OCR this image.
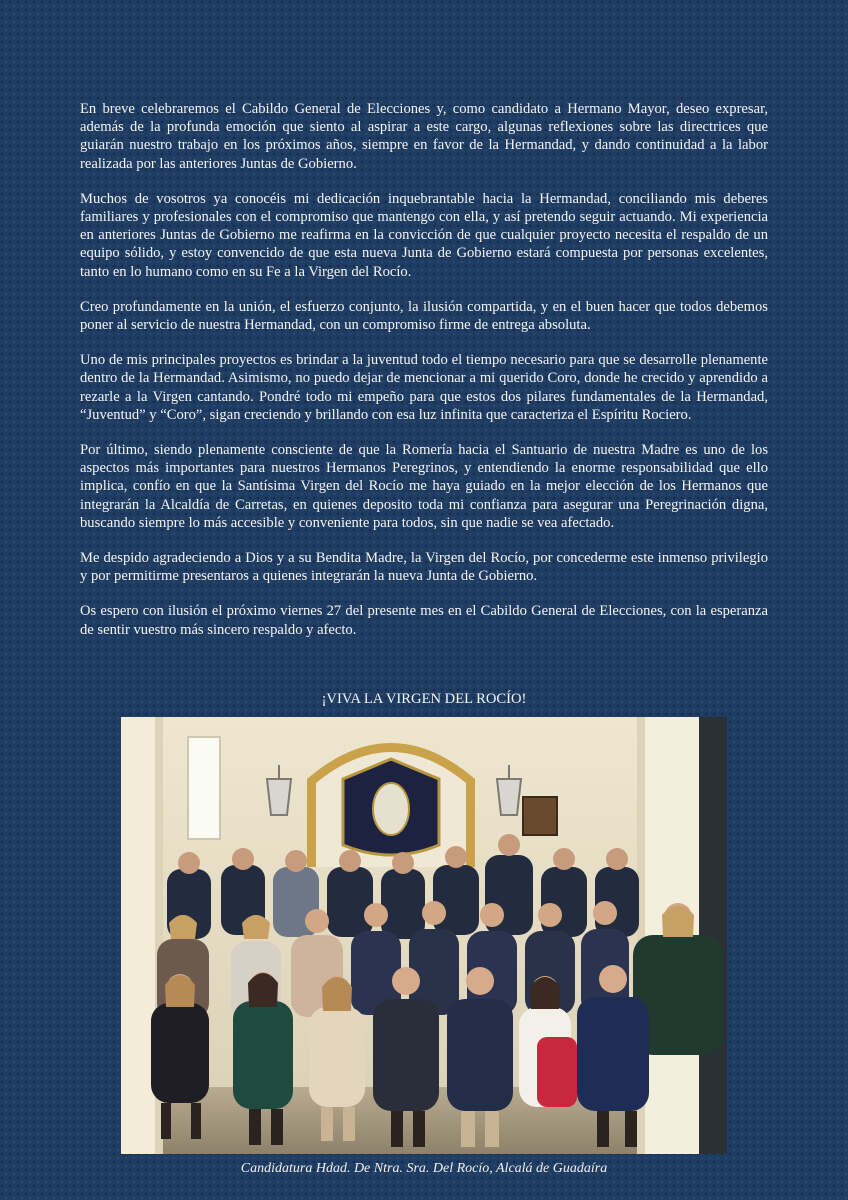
En breve celebraremos el Cabildo General de Elecciones y, como candidato a Hermano Mayor, deseo expresar, además de la profunda emoción que siento al aspirar a este cargo, algunas reflexiones sobre las directrices que guiarán nuestro trabajo en los próximos años, siempre en favor de la Hermandad, y dando continuidad a la labor realizada por las anteriores Juntas de Gobierno.

Muchos de vosotros ya conocéis mi dedicación inquebrantable hacia la Hermandad, conciliando mis deberes familiares y profesionales con el compromiso que mantengo con ella, y así pretendo seguir actuando. Mi experiencia en anteriores Juntas de Gobierno me reafirma en la convicción de que cualquier proyecto necesita el respaldo de un equipo sólido, y estoy convencido de que esta nueva Junta de Gobierno estará compuesta por personas excelentes, tanto en lo humano como en su Fe a la Virgen del Rocío.

Creo profundamente en la unión, el esfuerzo conjunto, la ilusión compartida, y en el buen hacer que todos debemos poner al servicio de nuestra Hermandad, con un compromiso firme de entrega absoluta.

Uno de mis principales proyectos es brindar a la juventud todo el tiempo necesario para que se desarrolle plenamente dentro de la Hermandad. Asimismo, no puedo dejar de mencionar a mi querido Coro, donde he crecido y aprendido a rezarle a la Virgen cantando. Pondré todo mi empeño para que estos dos pilares fundamentales de la Hermandad, “Juventud” y “Coro”, sigan creciendo y brillando con esa luz infinita que caracteriza el Espíritu Rociero.

Por último, siendo plenamente consciente de que la Romería hacia el Santuario de nuestra Madre es uno de los aspectos más importantes para nuestros Hermanos Peregrinos, y entendiendo la enorme responsabilidad que ello implica, confío en que la Santísima Virgen del Rocío me haya guiado en la mejor elección de los Hermanos que integrarán la Alcaldía de Carretas, en quienes deposito toda mi confianza para asegurar una Peregrinación digna, buscando siempre lo más accesible y conveniente para todos, sin que nadie se vea afectado.

Me despido agradeciendo a Dios y a su Bendita Madre, la Virgen del Rocío, por concederme este inmenso privilegio y por permitirme presentaros a quienes integrarán la nueva Junta de Gobierno.

Os espero con ilusión el próximo viernes 27 del presente mes en el Cabildo General de Elecciones, con la esperanza de sentir vuestro más sincero respaldo y afecto.

¡VIVA LA VIRGEN DEL ROCÍO!
Candidatura Hdad. De Ntra. Sra. Del Rocío, Alcalá de Guadaíra
